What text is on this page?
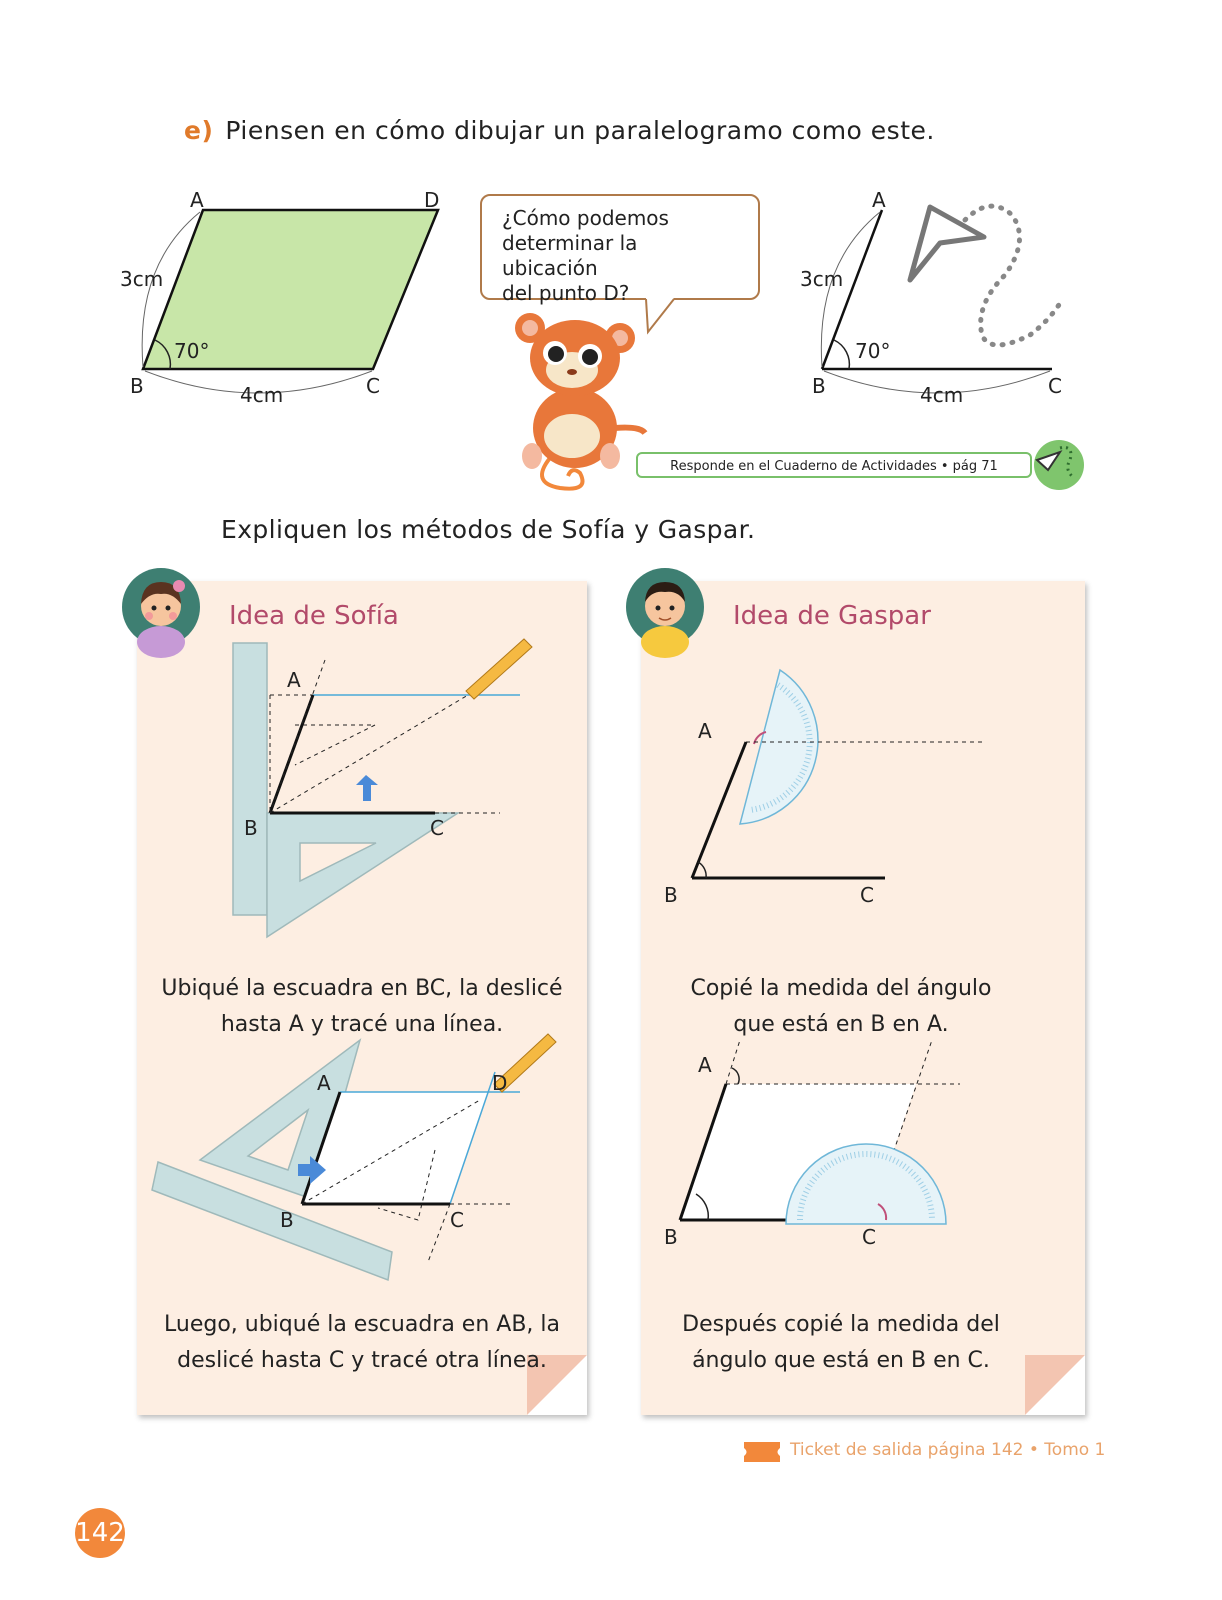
e) Piensen en cómo dibujar un paralelogramo como este.
A	D
B	C
3cm
4cm
70°
¿Cómo podemos
determinar la ubicación
del punto D?
A
B	C
3cm
4cm
70°
Responde en el Cuaderno de Actividades • pág 71
Expliquen los métodos de Sofía y Gaspar.
Idea de Sofía
Ubiqué la escuadra en BC, la deslicé
hasta A y tracé una línea.
Luego, ubiqué la escuadra en AB, la
deslicé hasta C y tracé otra línea.
A
B	C
A	D
B	C
Idea de Gaspar
Copié la medida del ángulo
que está en B en A.
Después copié la medida del
ángulo que está en B en C.
A
B	C
A
B	C
Ticket de salida página 142 • Tomo 1
142
